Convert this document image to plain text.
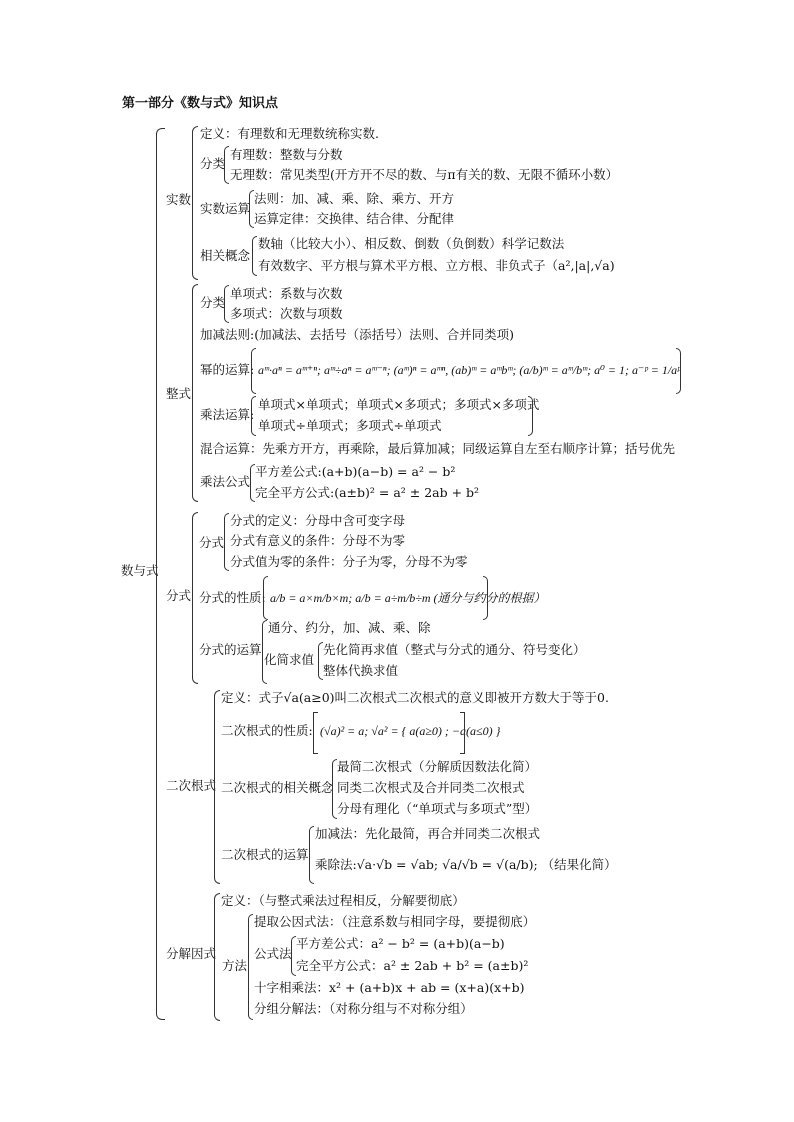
第一部分《数与式》知识点
数与式
实数
定义：有理数和无理数统称实数.
分类
有理数：整数与分数
无理数：常见类型(开方开不尽的数、与π有关的数、无限不循环小数）
实数运算
法则：加、减、乘、除、乘方、开方
运算定律：交换律、结合律、分配律
相关概念
数轴（比较大小）、相反数、倒数（负倒数）科学记数法
有效数字、平方根与算术平方根、立方根、非负式子（a²,|a|,√a)
整式
分类
单项式：系数与次数
多项式：次数与项数
加减法则:(加减法、去括号（添括号）法则、合并同类项)
幂的运算: aᵐ·aⁿ = aᵐ⁺ⁿ; aᵐ÷aⁿ = aᵐ⁻ⁿ; (aᵐ)ⁿ = aᵐⁿ, (ab)ᵐ = aᵐbᵐ; (a/b)ᵐ = aᵐ/bᵐ; a⁰ = 1; a⁻ᵖ = 1/aᵖ
乘法运算:
单项式×单项式；单项式×多项式；多项式×多项式
单项式÷单项式；多项式÷单项式
混合运算：先乘方开方，再乘除，最后算加减；同级运算自左至右顺序计算；括号优先
乘法公式
平方差公式:(a+b)(a−b) = a² − b²
完全平方公式:(a±b)² = a² ± 2ab + b²
分式
分式
分式的定义：分母中含可变字母
分式有意义的条件：分母不为零
分式值为零的条件：分子为零，分母不为零
分式的性质: a/b = a×m/b×m; a/b = a÷m/b÷m (通分与约分的根据）
分式的运算
通分、约分，加、减、乘、除
化简求值
先化简再求值（整式与分式的通分、符号变化）
整体代换求值
二次根式
定义：式子√a(a≥0)叫二次根式二次根式的意义即被开方数大于等于0.
二次根式的性质: (√a)² = a; √a² = { a(a≥0) ; −a(a≤0) }
二次根式的相关概念
最简二次根式（分解质因数法化简）
同类二次根式及合并同类二次根式
分母有理化（“单项式与多项式”型）
二次根式的运算
加减法：先化最简，再合并同类二次根式
乘除法:√a·√b = √ab; √a/√b = √(a/b); （结果化简）
分解因式
定义：（与整式乘法过程相反，分解要彻底）
方法
提取公因式法：（注意系数与相同字母，要提彻底）
公式法
平方差公式：a² − b² = (a+b)(a−b)
完全平方公式：a² ± 2ab + b² = (a±b)²
十字相乘法：x² + (a+b)x + ab = (x+a)(x+b)
分组分解法：（对称分组与不对称分组）
